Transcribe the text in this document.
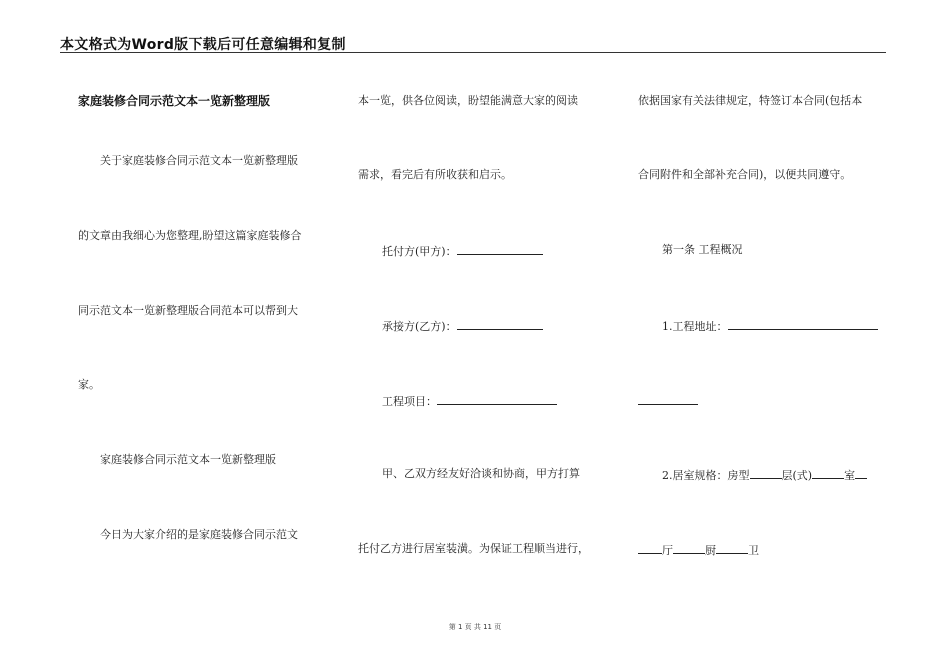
本文格式为Word版下载后可任意编辑和复制
家庭装修合同示范文本一览新整理版
关于家庭装修合同示范文本一览新整理版
的文章由我细心为您整理,盼望这篇家庭装修合
同示范文本一览新整理版合同范本可以帮到大
家。
家庭装修合同示范文本一览新整理版
今日为大家介绍的是家庭装修合同示范文
本一览，供各位阅读，盼望能满意大家的阅读
需求，看完后有所收获和启示。
托付方(甲方)：
承接方(乙方)：
工程项目：
甲、乙双方经友好洽谈和协商，甲方打算
托付乙方进行居室装潢。为保证工程顺当进行，
依据国家有关法律规定，特签订本合同(包括本
合同附件和全部补充合同)，以便共同遵守。
第一条 工程概况
1.工程地址：
2.居室规格：房型	层(式)	室
厅	厨	卫
第 1 页 共 11 页
